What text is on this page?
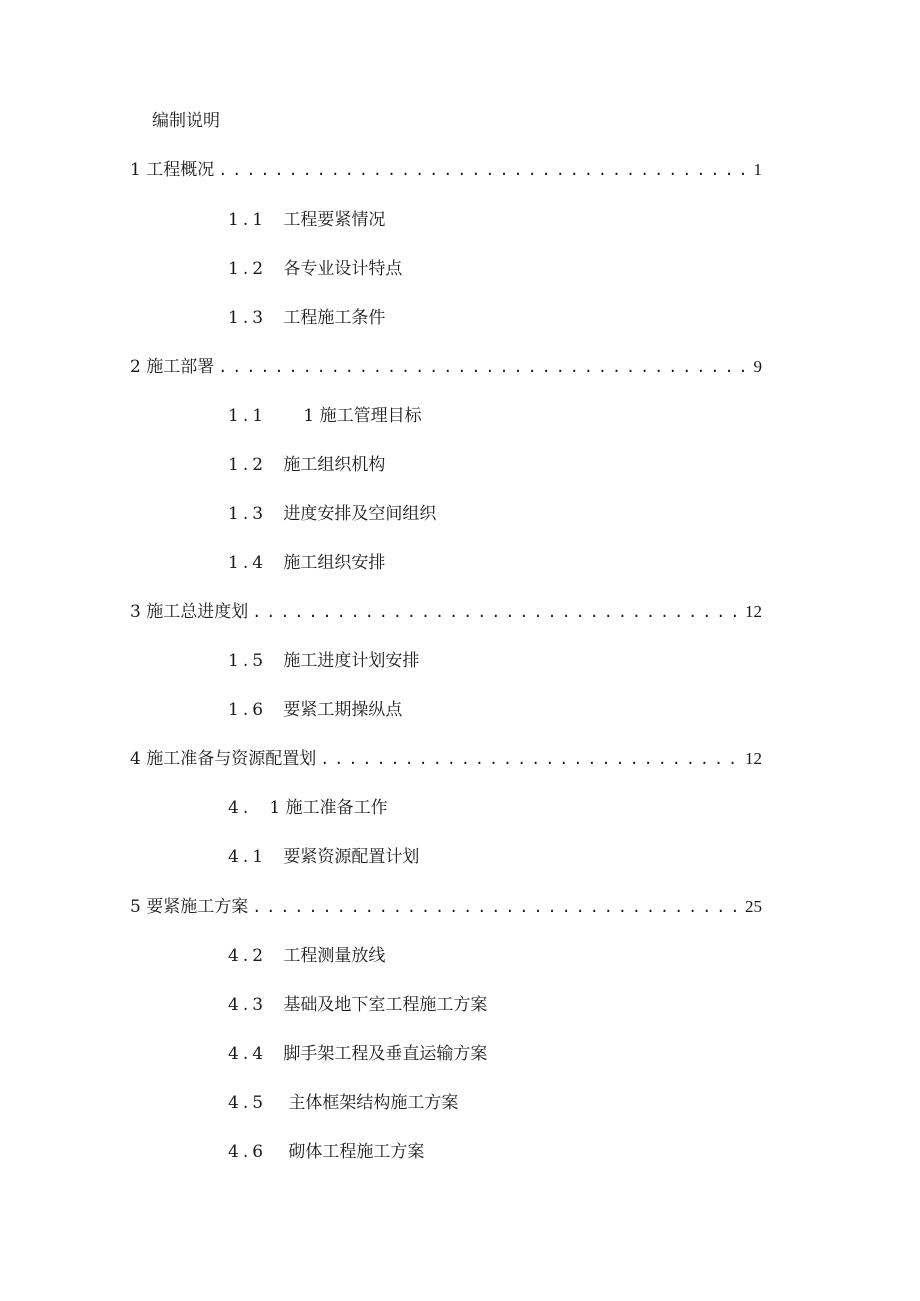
编制说明
1 工程概况 . . .	1
1.1 工程要紧情况
1.2 各专业设计特点
1.3 工程施工条件
2 施工部署 . . .	9
1.1 1 施工管理目标
1.2 施工组织机构
1.3 进度安排及空间组织
1.4 施工组织安排
3 施工总进度划 . . .	12
1.5 施工进度计划安排
1.6 要紧工期操纵点
4 施工准备与资源配置划 . . .	12
4. 1 施工准备工作
4.1 要紧资源配置计划
5 要紧施工方案 . . .	25
4.2 工程测量放线
4.3 基础及地下室工程施工方案
4.4 脚手架工程及垂直运输方案
4.5 主体框架结构施工方案
4.6 砌体工程施工方案
